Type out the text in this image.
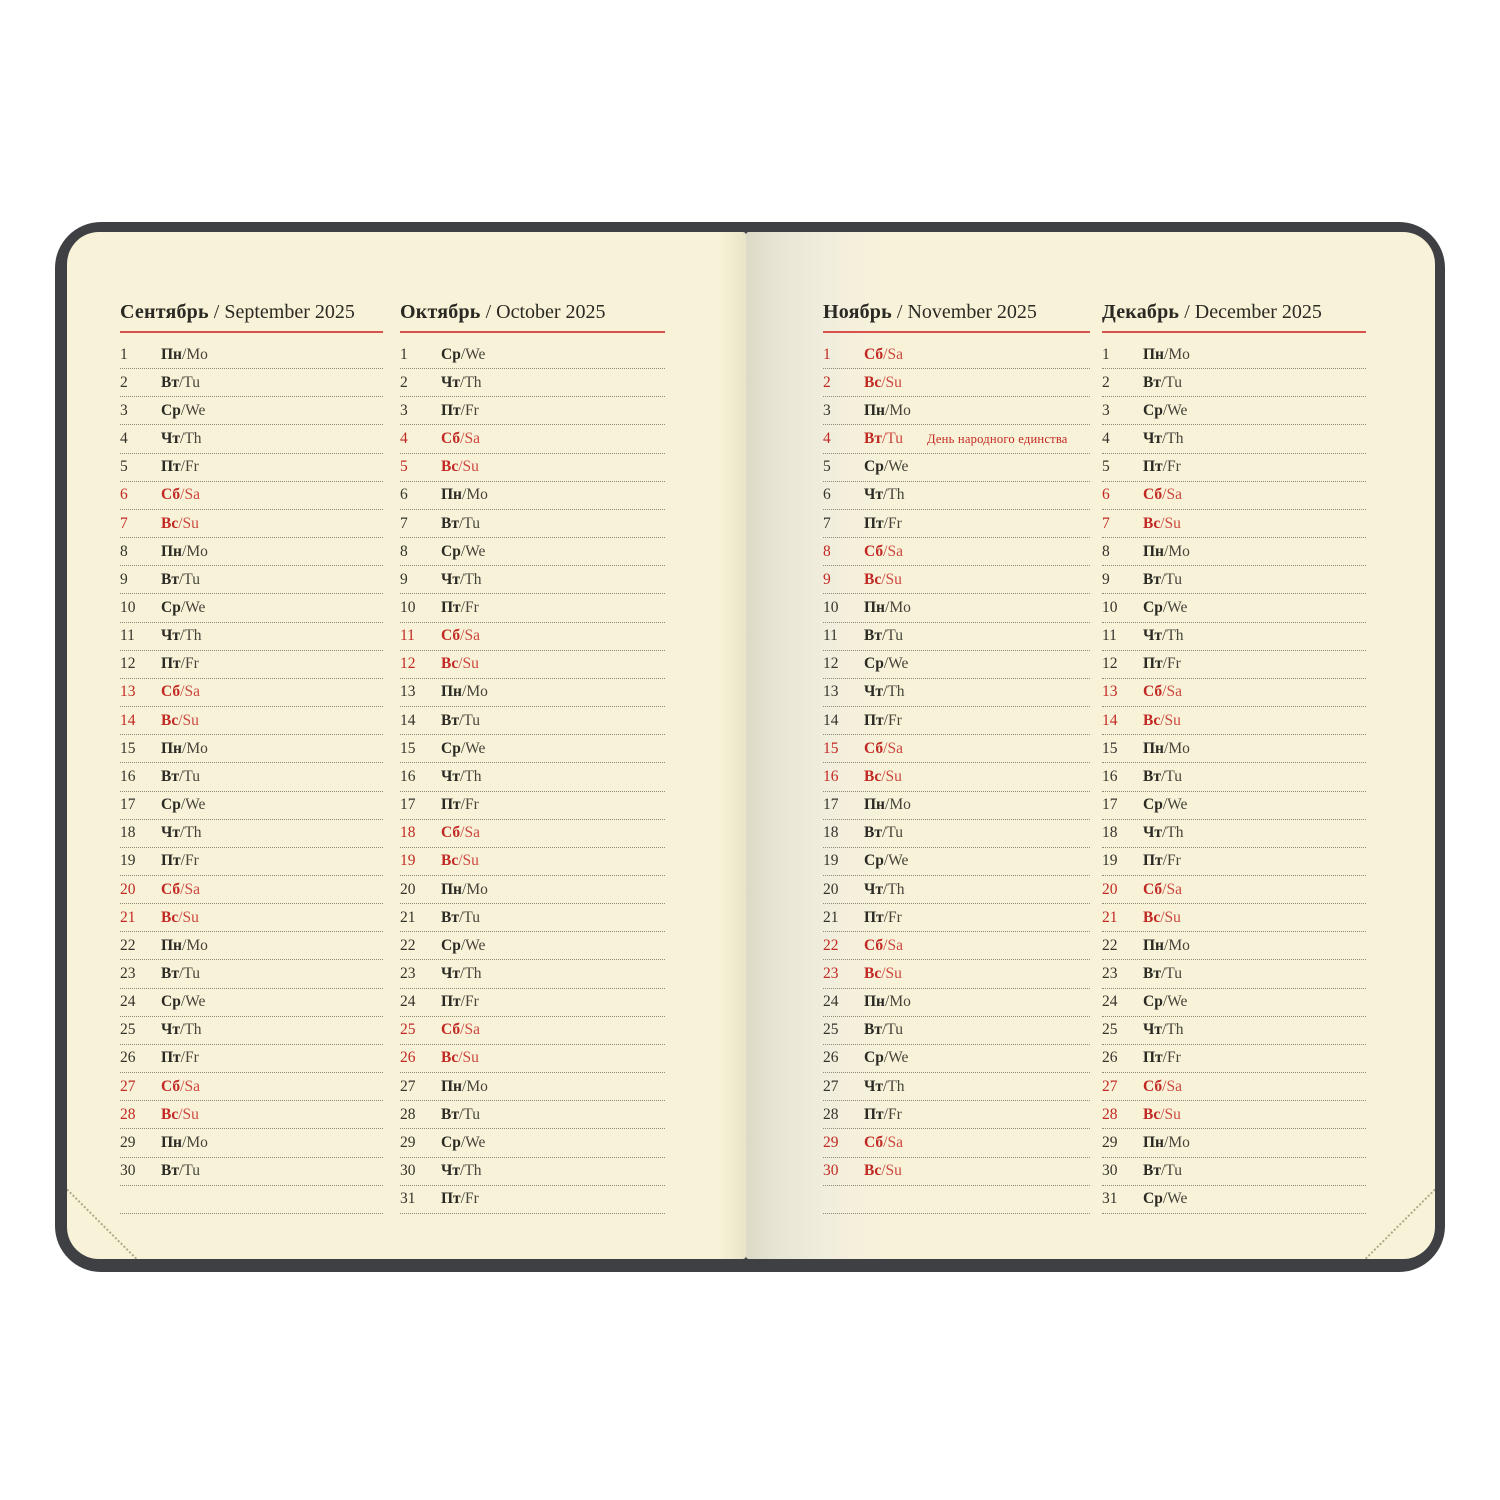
Сентябрь / September 2025
1	Пн / Mo
2	Вт / Tu
3	Ср / We
4	Чт / Th
5	Пт / Fr
6	Сб / Sa
7	Вс / Su
8	Пн / Mo
9	Вт / Tu
10	Ср / We
11	Чт / Th
12	Пт / Fr
13	Сб / Sa
14	Вс / Su
15	Пн / Mo
16	Вт / Tu
17	Ср / We
18	Чт / Th
19	Пт / Fr
20	Сб / Sa
21	Вс / Su
22	Пн / Mo
23	Вт / Tu
24	Ср / We
25	Чт / Th
26	Пт / Fr
27	Сб / Sa
28	Вс / Su
29	Пн / Mo
30	Вт / Tu
Октябрь / October 2025
1	Ср / We
2	Чт / Th
3	Пт / Fr
4	Сб / Sa
5	Вс / Su
6	Пн / Mo
7	Вт / Tu
8	Ср / We
9	Чт / Th
10	Пт / Fr
11	Сб / Sa
12	Вс / Su
13	Пн / Mo
14	Вт / Tu
15	Ср / We
16	Чт / Th
17	Пт / Fr
18	Сб / Sa
19	Вс / Su
20	Пн / Mo
21	Вт / Tu
22	Ср / We
23	Чт / Th
24	Пт / Fr
25	Сб / Sa
26	Вс / Su
27	Пн / Mo
28	Вт / Tu
29	Ср / We
30	Чт / Th
31	Пт / Fr
Ноябрь / November 2025
1	Сб / Sa
2	Вс / Su
3	Пн / Mo
4	Вт / Tu День народного единства
5	Ср / We
6	Чт / Th
7	Пт / Fr
8	Сб / Sa
9	Вс / Su
10	Пн / Mo
11	Вт / Tu
12	Ср / We
13	Чт / Th
14	Пт / Fr
15	Сб / Sa
16	Вс / Su
17	Пн / Mo
18	Вт / Tu
19	Ср / We
20	Чт / Th
21	Пт / Fr
22	Сб / Sa
23	Вс / Su
24	Пн / Mo
25	Вт / Tu
26	Ср / We
27	Чт / Th
28	Пт / Fr
29	Сб / Sa
30	Вс / Su
Декабрь / December 2025
1	Пн / Mo
2	Вт / Tu
3	Ср / We
4	Чт / Th
5	Пт / Fr
6	Сб / Sa
7	Вс / Su
8	Пн / Mo
9	Вт / Tu
10	Ср / We
11	Чт / Th
12	Пт / Fr
13	Сб / Sa
14	Вс / Su
15	Пн / Mo
16	Вт / Tu
17	Ср / We
18	Чт / Th
19	Пт / Fr
20	Сб / Sa
21	Вс / Su
22	Пн / Mo
23	Вт / Tu
24	Ср / We
25	Чт / Th
26	Пт / Fr
27	Сб / Sa
28	Вс / Su
29	Пн / Mo
30	Вт / Tu
31	Ср / We
